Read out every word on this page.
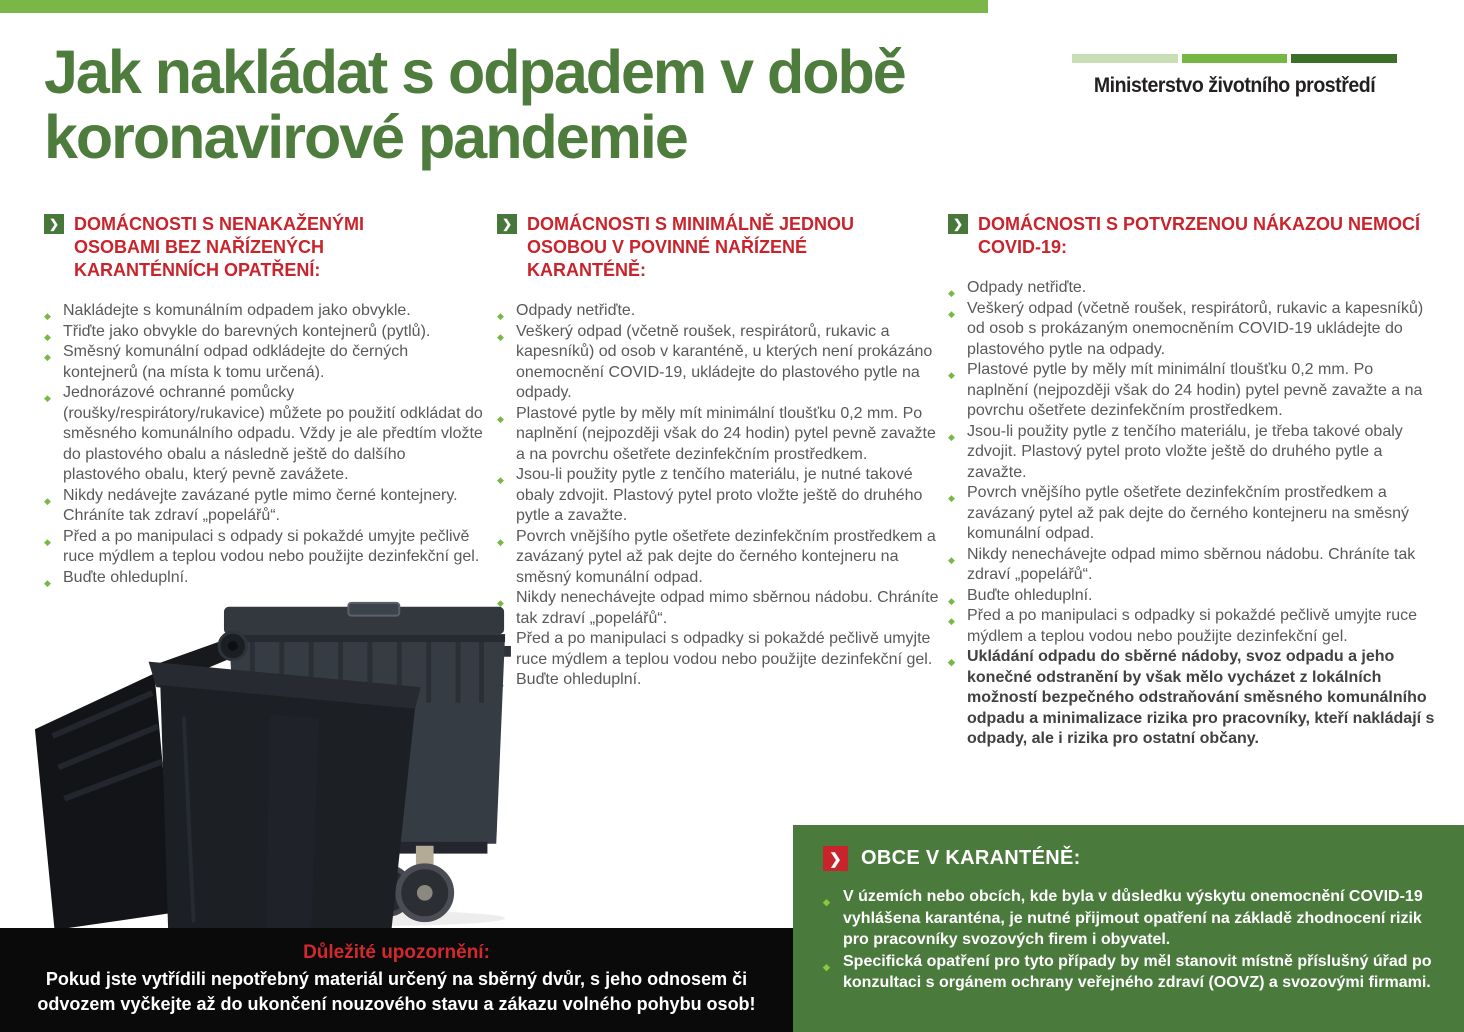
Jak nakládat s odpadem v době
koronavirové pandemie
Ministerstvo životního prostředí
❯ DOMÁCNOSTI S NENAKAŽENÝMI OSOBAMI BEZ NAŘÍZENÝCH KARANTÉNNÍCH OPATŘENÍ:
◆ Nakládejte s komunálním odpadem jako obvykle.
◆ Třiďte jako obvykle do barevných kontejnerů (pytlů).
◆ Směsný komunální odpad odkládejte do černých kontejnerů (na místa k tomu určená).
◆ Jednorázové ochranné pomůcky (roušky/respirátory/rukavice) můžete po použití odkládat do směsného komunálního odpadu. Vždy je ale předtím vložte do plastového obalu a následně ještě do dalšího plastového obalu, který pevně zavážete.
◆ Nikdy nedávejte zavázané pytle mimo černé kontejnery. Chráníte tak zdraví „popelářů“.
◆ Před a po manipulaci s odpady si pokaždé umyjte pečlivě ruce mýdlem a teplou vodou nebo použijte dezinfekční gel.
◆ Buďte ohleduplní.
❯ DOMÁCNOSTI S MINIMÁLNĚ JEDNOU OSOBOU V POVINNÉ NAŘÍZENÉ KARANTÉNĚ:
◆ Odpady netřiďte.
◆ Veškerý odpad (včetně roušek, respirátorů, rukavic a kapesníků) od osob v karanténě, u kterých není prokázáno onemocnění COVID-19, ukládejte do plastového pytle na odpady.
◆ Plastové pytle by měly mít minimální tloušťku 0,2 mm. Po naplnění (nejpozději však do 24 hodin) pytel pevně zavažte a na povrchu ošetřete dezinfekčním prostředkem.
◆ Jsou-li použity pytle z tenčího materiálu, je nutné takové obaly zdvojit. Plastový pytel proto vložte ještě do druhého pytle a zavažte.
◆ Povrch vnějšího pytle ošetřete dezinfekčním prostředkem a zavázaný pytel až pak dejte do černého kontejneru na směsný komunální odpad.
◆ Nikdy nenechávejte odpad mimo sběrnou nádobu. Chráníte tak zdraví „popelářů“.
◆ Před a po manipulaci s odpadky si pokaždé pečlivě umyjte ruce mýdlem a teplou vodou nebo použijte dezinfekční gel.
◆ Buďte ohleduplní.
❯ DOMÁCNOSTI S POTVRZENOU NÁKAZOU NEMOCÍ COVID-19:
◆ Odpady netřiďte.
◆ Veškerý odpad (včetně roušek, respirátorů, rukavic a kapesníků) od osob s prokázaným onemocněním COVID-19 ukládejte do plastového pytle na odpady.
◆ Plastové pytle by měly mít minimální tloušťku 0,2 mm. Po naplnění (nejpozději však do 24 hodin) pytel pevně zavažte a na povrchu ošetřete dezinfekčním prostředkem.
◆ Jsou-li použity pytle z tenčího materiálu, je třeba takové obaly zdvojit. Plastový pytel proto vložte ještě do druhého pytle a zavažte.
◆ Povrch vnějšího pytle ošetřete dezinfekčním prostředkem a zavázaný pytel až pak dejte do černého kontejneru na směsný komunální odpad.
◆ Nikdy nenechávejte odpad mimo sběrnou nádobu. Chráníte tak zdraví „popelářů“.
◆ Buďte ohleduplní.
◆ Před a po manipulaci s odpadky si pokaždé pečlivě umyjte ruce mýdlem a teplou vodou nebo použijte dezinfekční gel.
◆ Ukládání odpadu do sběrné nádoby, svoz odpadu a jeho konečné odstranění by však mělo vycházet z lokálních možností bezpečného odstraňování směsného komunálního odpadu a minimalizace rizika pro pracovníky, kteří nakládají s odpady, ale i rizika pro ostatní občany.
Důležité upozornění:
Pokud jste vytřídili nepotřebný materiál určený na sběrný dvůr, s jeho odnosem či odvozem vyčkejte až do ukončení nouzového stavu a zákazu volného pohybu osob!
❯ OBCE V KARANTÉNĚ:
◆ V územích nebo obcích, kde byla v důsledku výskytu onemocnění COVID-19 vyhlášena karanténa, je nutné přijmout opatření na základě zhodnocení rizik pro pracovníky svozových firem i obyvatel.
◆ Specifická opatření pro tyto případy by měl stanovit místně příslušný úřad po konzultaci s orgánem ochrany veřejného zdraví (OOVZ) a svozovými firmami.
